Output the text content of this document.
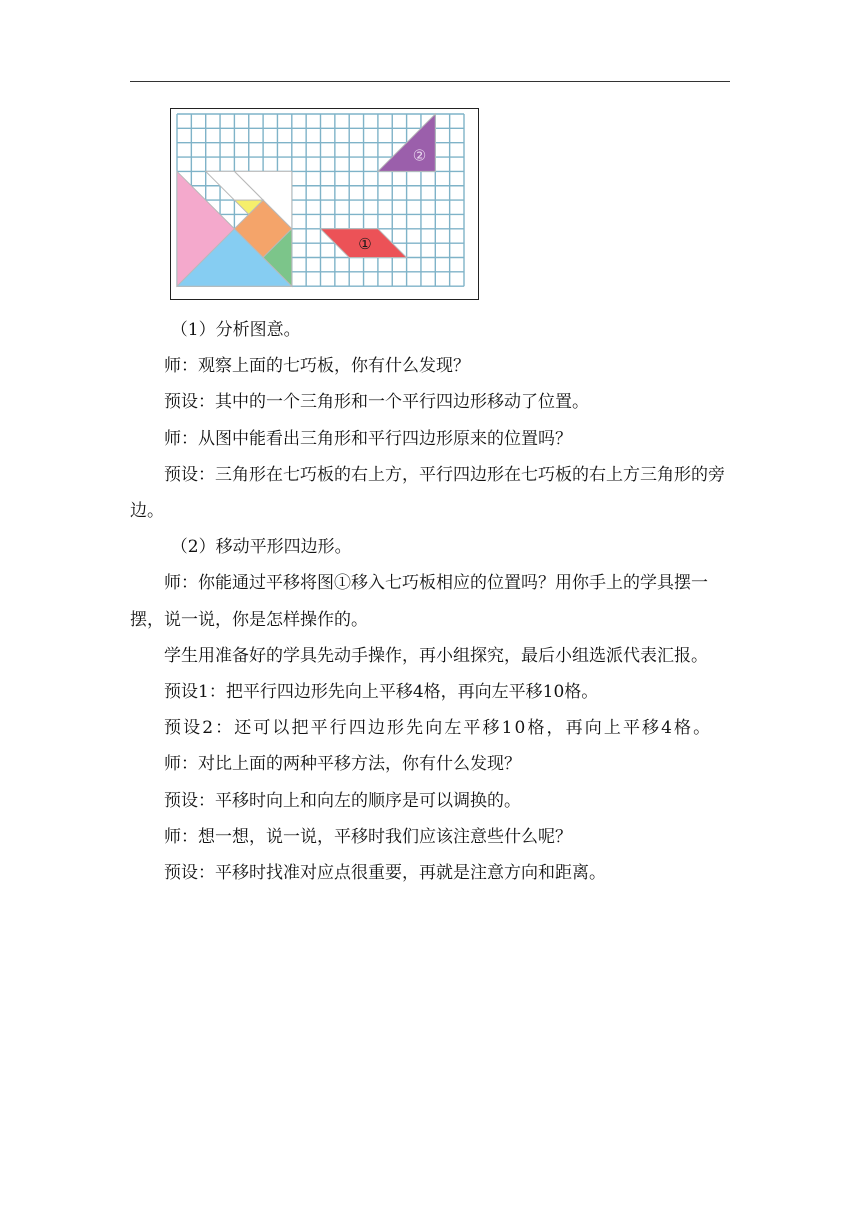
②
①

（1）分析图意。

师：观察上面的七巧板，你有什么发现？

预设：其中的一个三角形和一个平行四边形移动了位置。

师：从图中能看出三角形和平行四边形原来的位置吗？

预设：三角形在七巧板的右上方，平行四边形在七巧板的右上方三角形的旁边。

（2）移动平形四边形。

师：你能通过平移将图①移入七巧板相应的位置吗？用你手上的学具摆一摆，说一说，你是怎样操作的。

学生用准备好的学具先动手操作，再小组探究，最后小组选派代表汇报。

预设1：把平行四边形先向上平移4格，再向左平移10格。

预设2：还可以把平行四边形先向左平移10格，再向上平移4格。

师：对比上面的两种平移方法，你有什么发现？

预设：平移时向上和向左的顺序是可以调换的。

师：想一想，说一说，平移时我们应该注意些什么呢？

预设：平移时找准对应点很重要，再就是注意方向和距离。
